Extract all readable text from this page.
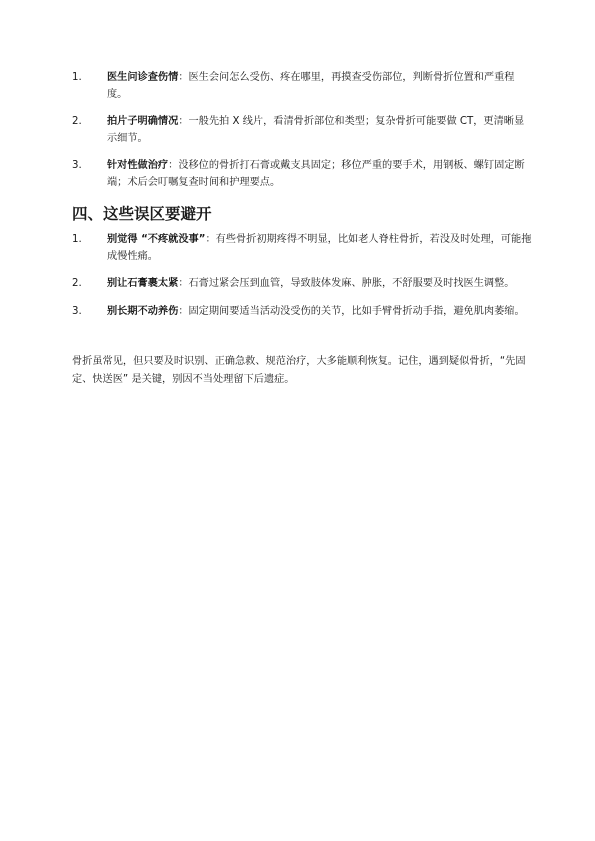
1. 医生问诊查伤情：医生会问怎么受伤、疼在哪里，再摸查受伤部位，判断骨折位置和严重程度。
2. 拍片子明确情况：一般先拍 X 线片，看清骨折部位和类型；复杂骨折可能要做 CT，更清晰显示细节。
3. 针对性做治疗：没移位的骨折打石膏或戴支具固定；移位严重的要手术，用钢板、螺钉固定断端；术后会叮嘱复查时间和护理要点。
四、这些误区要避开
1. 别觉得 “不疼就没事”：有些骨折初期疼得不明显，比如老人脊柱骨折，若没及时处理，可能拖成慢性痛。
2. 别让石膏裹太紧：石膏过紧会压到血管，导致肢体发麻、肿胀，不舒服要及时找医生调整。
3. 别长期不动养伤：固定期间要适当活动没受伤的关节，比如手臂骨折动手指，避免肌肉萎缩。

骨折虽常见，但只要及时识别、正确急救、规范治疗，大多能顺利恢复。记住，遇到疑似骨折，“先固定、快送医” 是关键，别因不当处理留下后遗症。
